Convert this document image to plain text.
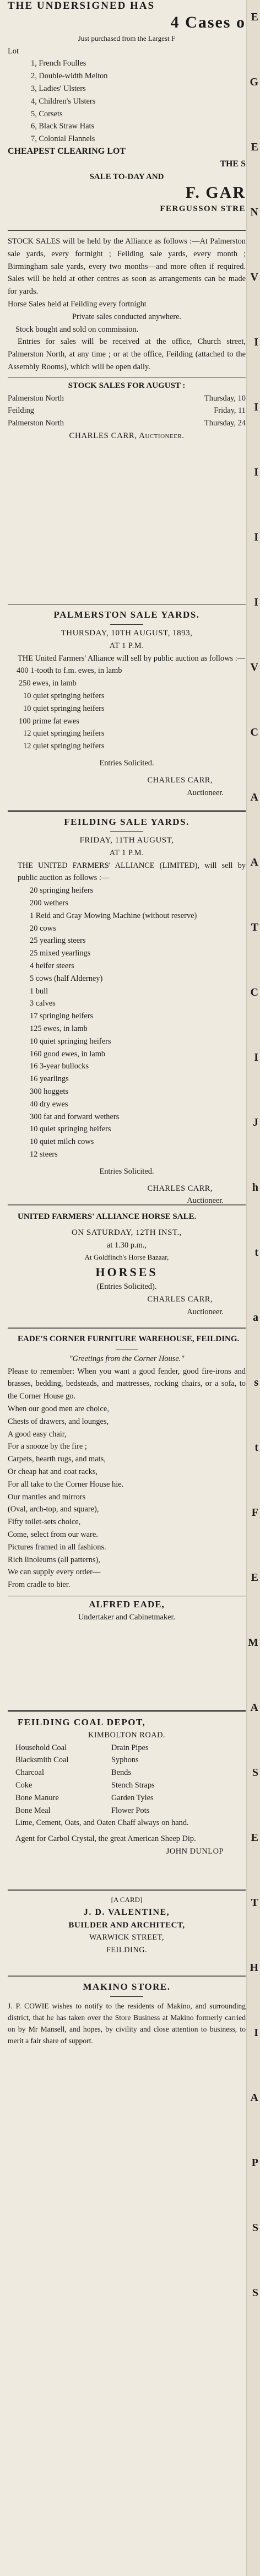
E

G

E

N

V

I

I

I

I

I

V

C

A

A

T

C

I

J

h

t

a

s

t

F

E

M

A

S

E

T

H

I

A

P

S

S

THE UNDERSIGNED HAS

4 Cases o

Just purchased from the Largest F

Lot

1, French Foulles

2, Double-width Melton

3, Ladies' Ulsters

4, Children's Ulsters

5, Corsets

6, Black Straw Hats

7, Colonial Flannels

CHEAPEST CLEARING LOT

THE S

SALE TO-DAY AND

F. GAR

FERGUSSON STRE

STOCK SALES will be held by the Alliance as follows :—At Palmerston sale yards, every fortnight ; Feilding sale yards, every month ; Birmingham sale yards, every two months—and more often if required. Sales will be held at other centres as soon as arrangements can be made for yards.

Horse Sales held at Feilding every fortnight

Private sales conducted anywhere.

Stock bought and sold on commission.

Entries for sales will be received at the office, Church street, Palmerston North, at any time ; or at the office, Feilding (attached to the Assembly Rooms), which will be open daily.

STOCK SALES FOR AUGUST :

Palmerston North	Thursday, 10
Feilding	Friday, 11
Palmerston North	Thursday, 24

CHARLES CARR, Auctioneer.

PALMERSTON SALE YARDS.

THURSDAY, 10TH AUGUST, 1893,

AT 1 P.M.

THE United Farmers' Alliance will sell by public auction as follows :—

400 1-tooth to f.m. ewes, in lamb

250 ewes, in lamb

10 quiet springing heifers

10 quiet springing heifers

100 prime fat ewes

12 quiet springing heifers

12 quiet springing heifers

Entries Solicited.

CHARLES CARR,

Auctioneer.

FEILDING SALE YARDS.

FRIDAY, 11TH AUGUST,

AT 1 P.M.

THE UNITED FARMERS' ALLIANCE (LIMITED), will sell by public auction as follows :—

20 springing heifers

200 wethers

1 Reid and Gray Mowing Machine (without reserve)

20 cows

25 yearling steers

25 mixed yearlings

4 heifer steers

5 cows (half Alderney)

1 bull

3 calves

17 springing heifers

125 ewes, in lamb

10 quiet springing heifers

160 good ewes, in lamb

16 3-year bullocks

16 yearlings

300 hoggets

40 dry ewes

300 fat and forward wethers

10 quiet springing heifers

10 quiet milch cows

12 steers

Entries Solicited.

CHARLES CARR,

Auctioneer.

UNITED FARMERS' ALLIANCE HORSE SALE.

ON SATURDAY, 12TH INST.,

at 1.30 p.m.,

At Goldfinch's Horse Bazaar,

HORSES

(Entries Solicited).

CHARLES CARR,

Auctioneer.

EADE'S CORNER FURNITURE WAREHOUSE, FEILDING.

"Greetings from the Corner House."

Please to remember: When you want a good fender, good fire-irons and brasses, bedding, bedsteads, and mattresses, rocking chairs, or a sofa, to the Corner House go.

When our good men are choice,

Chests of drawers, and lounges,

A good easy chair,

For a snooze by the fire ;

Carpets, hearth rugs, and mats,

Or cheap hat and coat racks,

For all take to the Corner House hie.

Our mantles and mirrors

(Oval, arch-top, and square),

Fifty toilet-sets choice,

Come, select from our ware.

Pictures framed in all fashions.

Rich linoleums (all patterns),

We can supply every order—

From cradle to bier.

ALFRED EADE,

Undertaker and Cabinetmaker.

FEILDING COAL DEPOT,

KIMBOLTON ROAD.

Household Coal	Drain Pipes
Blacksmith Coal	Syphons
Charcoal	Bends
Coke	Stench Straps
Bone Manure	Garden Tyles
Bone Meal	Flower Pots

Lime, Cement, Oats, and Oaten Chaff always on hand.

Agent for Carbol Crystal, the great American Sheep Dip.

JOHN DUNLOP

[A CARD]

J. D. VALENTINE,

BUILDER AND ARCHITECT,

WARWICK STREET,

FEILDING.

MAKINO STORE.

J. P. COWIE wishes to notify to the residents of Makino, and surrounding district, that he has taken over the Store Business at Makino formerly carried on by Mr Mansell, and hopes, by civility and close attention to business, to merit a fair share of support.
